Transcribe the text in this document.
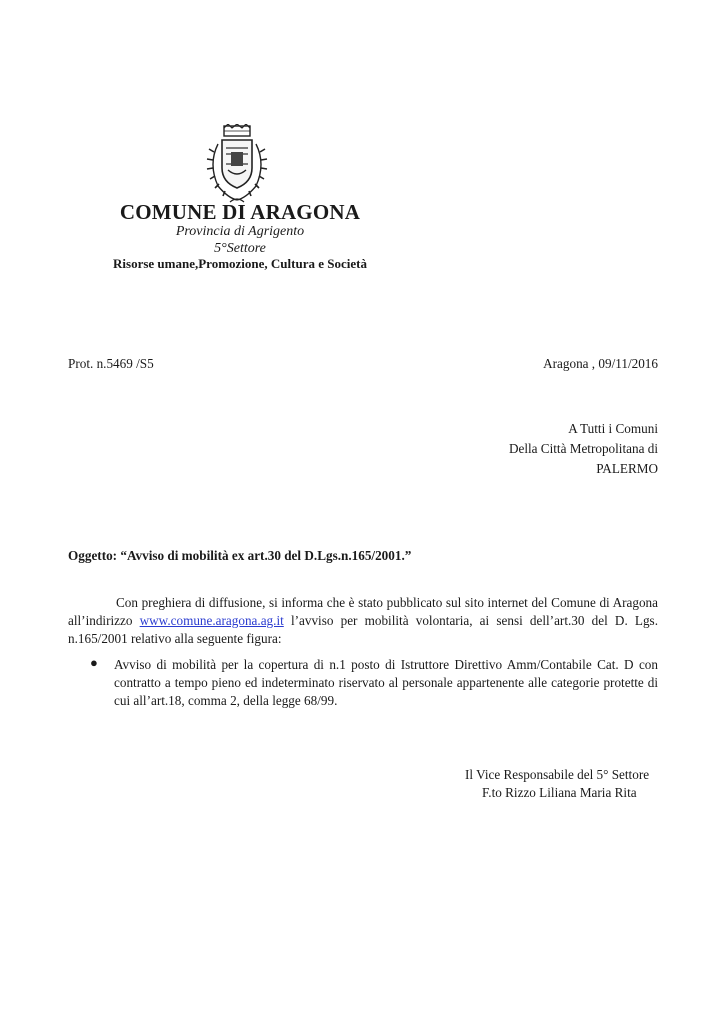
COMUNE DI ARAGONA
Provincia di Agrigento
5°Settore
Risorse umane,Promozione, Cultura e Società
Prot. n.5469 /S5	Aragona , 09/11/2016
A Tutti i Comuni
Della Città Metropolitana di
PALERMO
Oggetto: “Avviso di mobilità ex art.30 del D.Lgs.n.165/2001.”
Con preghiera di diffusione, si informa che è stato pubblicato sul sito internet del Comune di Aragona all’indirizzo www.comune.aragona.ag.it l’avviso per mobilità volontaria, ai sensi dell’art.30 del D. Lgs. n.165/2001 relativo alla seguente figura:
● Avviso di mobilità per la copertura di n.1 posto di Istruttore Direttivo Amm/Contabile Cat. D con contratto a tempo pieno ed indeterminato riservato al personale appartenente alle categorie protette di cui all’art.18, comma 2, della legge 68/99.
Il Vice Responsabile del 5° Settore
F.to Rizzo Liliana Maria Rita
